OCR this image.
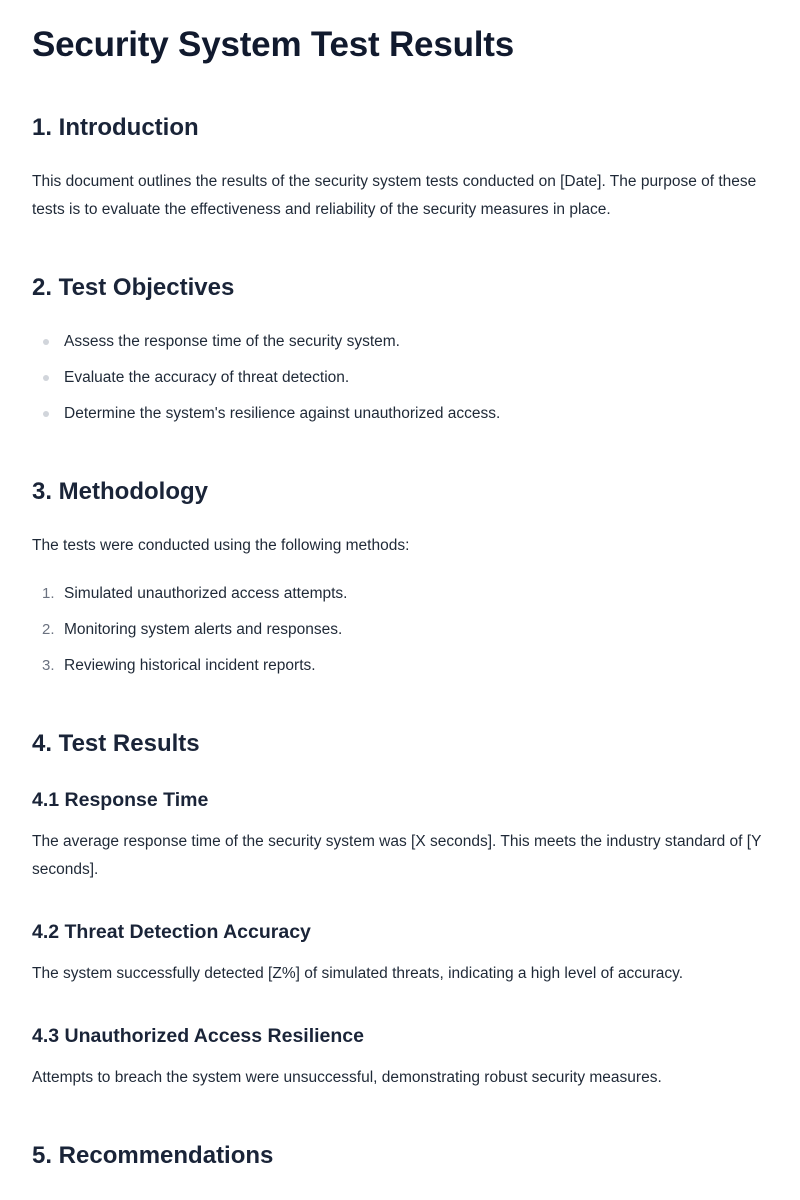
Security System Test Results
1. Introduction

This document outlines the results of the security system tests conducted on [Date]. The purpose of these tests is to evaluate the effectiveness and reliability of the security measures in place.

2. Test Objectives
Assess the response time of the security system.
Evaluate the accuracy of threat detection.
Determine the system's resilience against unauthorized access.
3. Methodology

The tests were conducted using the following methods:

1. Simulated unauthorized access attempts.
2. Monitoring system alerts and responses.
3. Reviewing historical incident reports.
4. Test Results
4.1 Response Time

The average response time of the security system was [X seconds]. This meets the industry standard of [Y seconds].

4.2 Threat Detection Accuracy

The system successfully detected [Z%] of simulated threats, indicating a high level of accuracy.

4.3 Unauthorized Access Resilience

Attempts to breach the system were unsuccessful, demonstrating robust security measures.

5. Recommendations
